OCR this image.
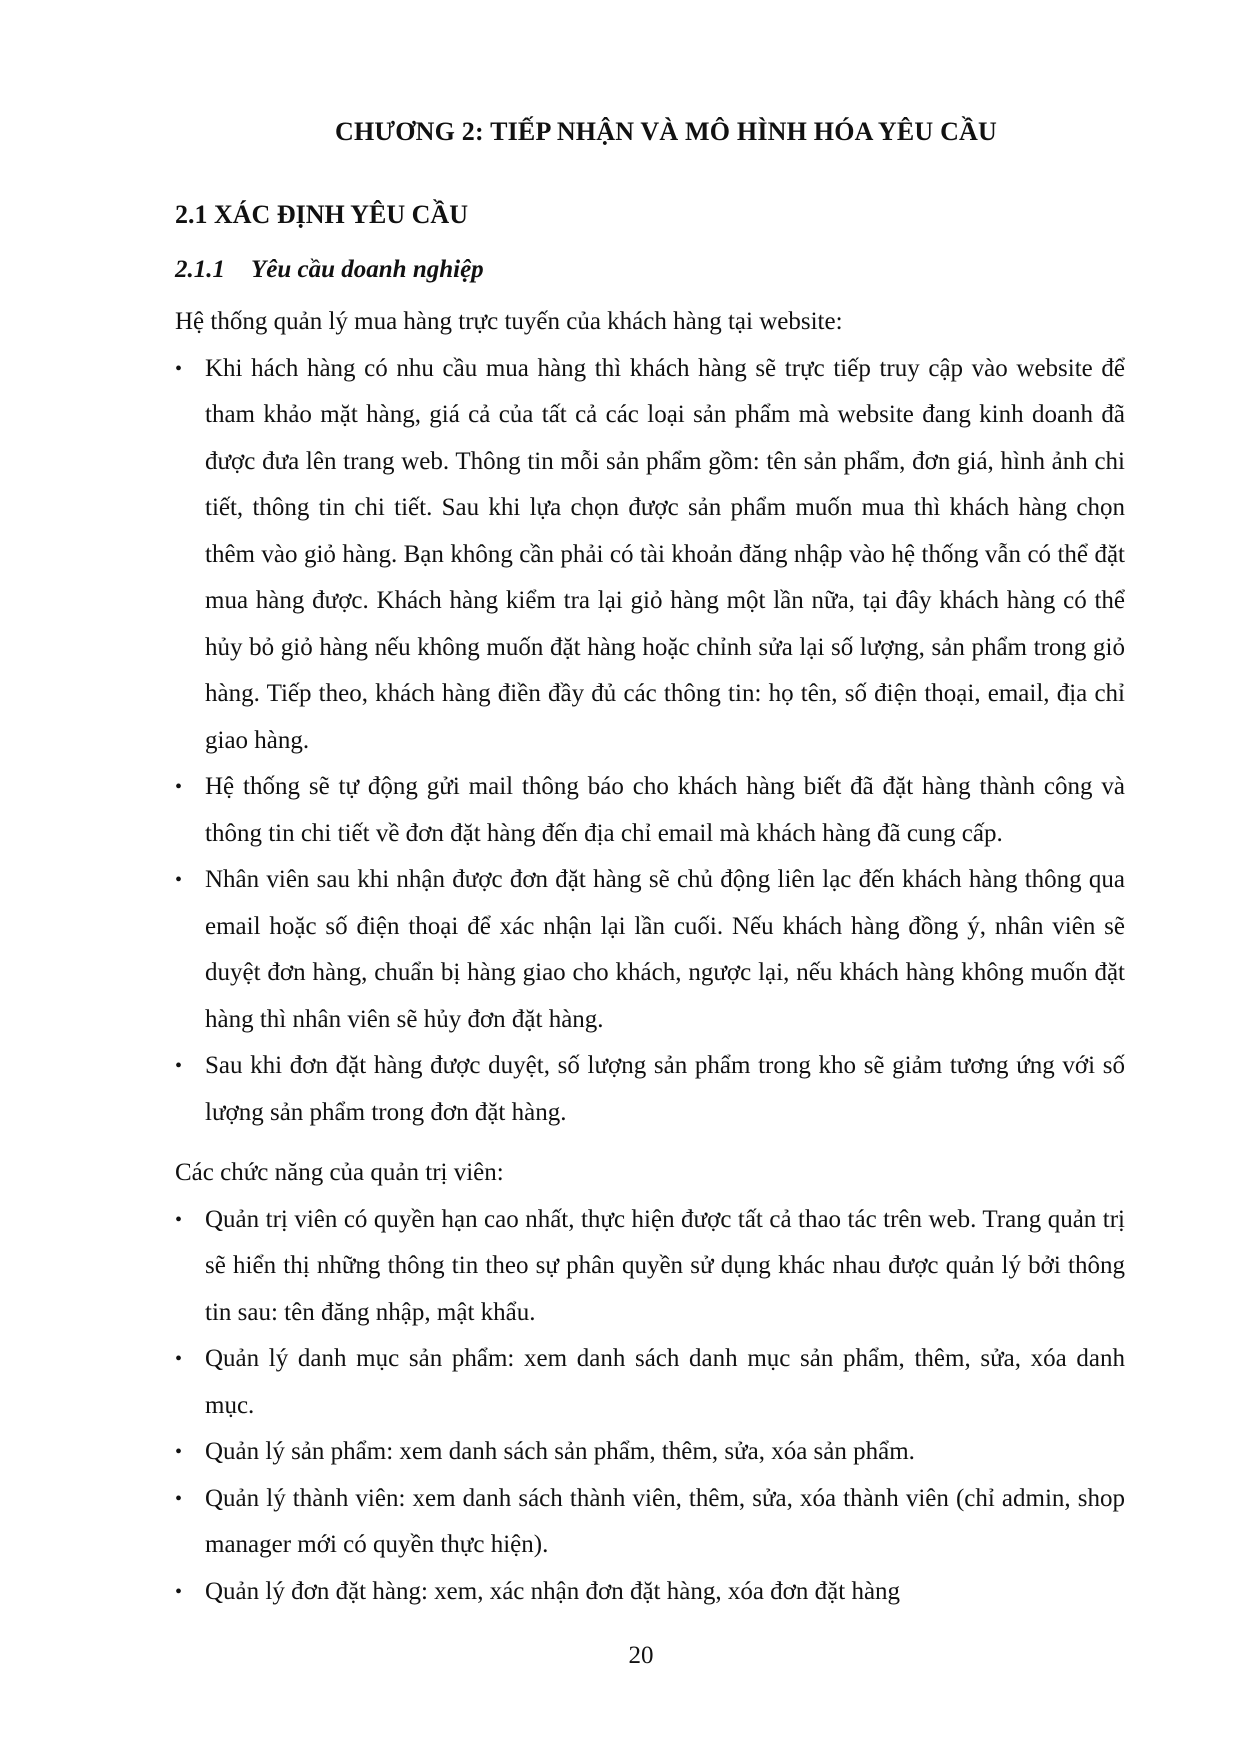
CHƯƠNG 2: TIẾP NHẬN VÀ MÔ HÌNH HÓA YÊU CẦU
2.1 XÁC ĐỊNH YÊU CẦU
2.1.1	Yêu cầu doanh nghiệp

Hệ thống quản lý mua hàng trực tuyến của khách hàng tại website:

• Khi hách hàng có nhu cầu mua hàng thì khách hàng sẽ trực tiếp truy cập vào website để tham khảo mặt hàng, giá cả của tất cả các loại sản phẩm mà website đang kinh doanh đã được đưa lên trang web. Thông tin mỗi sản phẩm gồm: tên sản phẩm, đơn giá, hình ảnh chi tiết, thông tin chi tiết. Sau khi lựa chọn được sản phẩm muốn mua thì khách hàng chọn thêm vào giỏ hàng. Bạn không cần phải có tài khoản đăng nhập vào hệ thống vẫn có thể đặt mua hàng được. Khách hàng kiểm tra lại giỏ hàng một lần nữa, tại đây khách hàng có thể hủy bỏ giỏ hàng nếu không muốn đặt hàng hoặc chỉnh sửa lại số lượng, sản phẩm trong giỏ hàng. Tiếp theo, khách hàng điền đầy đủ các thông tin: họ tên, số điện thoại, email, địa chỉ giao hàng.
• Hệ thống sẽ tự động gửi mail thông báo cho khách hàng biết đã đặt hàng thành công và thông tin chi tiết về đơn đặt hàng đến địa chỉ email mà khách hàng đã cung cấp.
• Nhân viên sau khi nhận được đơn đặt hàng sẽ chủ động liên lạc đến khách hàng thông qua email hoặc số điện thoại để xác nhận lại lần cuối. Nếu khách hàng đồng ý, nhân viên sẽ duyệt đơn hàng, chuẩn bị hàng giao cho khách, ngược lại, nếu khách hàng không muốn đặt hàng thì nhân viên sẽ hủy đơn đặt hàng.
• Sau khi đơn đặt hàng được duyệt, số lượng sản phẩm trong kho sẽ giảm tương ứng với số lượng sản phẩm trong đơn đặt hàng.

Các chức năng của quản trị viên:

• Quản trị viên có quyền hạn cao nhất, thực hiện được tất cả thao tác trên web. Trang quản trị sẽ hiển thị những thông tin theo sự phân quyền sử dụng khác nhau được quản lý bởi thông tin sau: tên đăng nhập, mật khẩu.
• Quản lý danh mục sản phẩm: xem danh sách danh mục sản phẩm, thêm, sửa, xóa danh mục.
• Quản lý sản phẩm: xem danh sách sản phẩm, thêm, sửa, xóa sản phẩm.
• Quản lý thành viên: xem danh sách thành viên, thêm, sửa, xóa thành viên (chỉ admin, shop manager mới có quyền thực hiện).
• Quản lý đơn đặt hàng: xem, xác nhận đơn đặt hàng, xóa đơn đặt hàng
20
